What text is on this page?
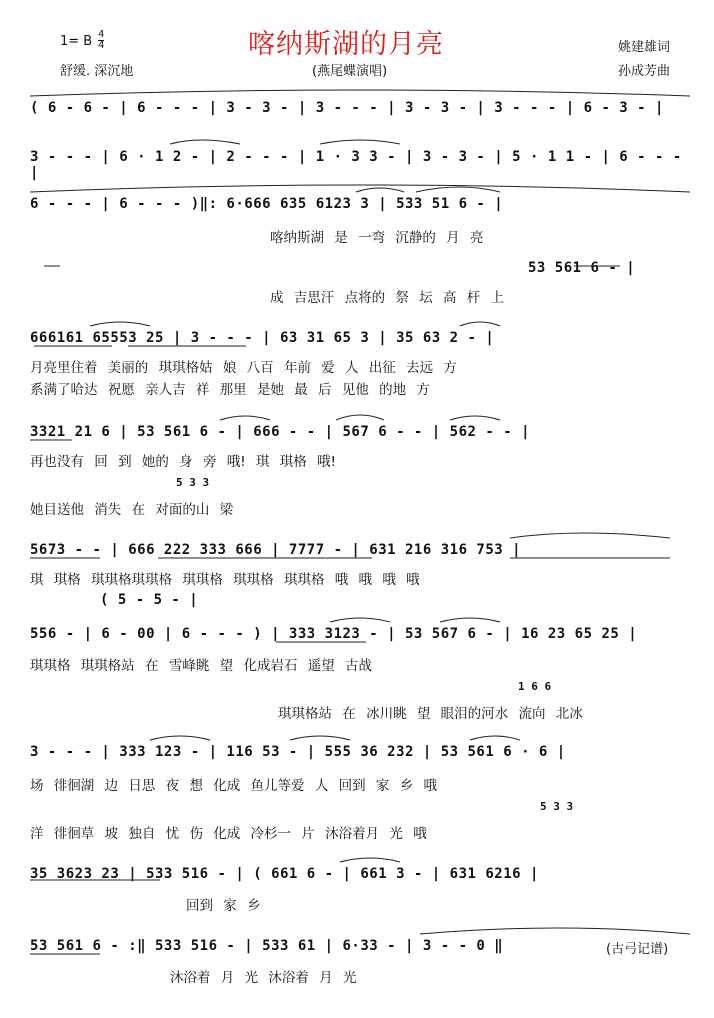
喀纳斯湖的月亮
1= B 4
4
舒缓. 深沉地	(燕尾蝶演唱)
姚建雄词
孙成芳曲
( 6 - 6 - | 6 - - - | 3 - 3 - | 3 - - - | 3 - 3 - | 3 - - - | 6 - 3 - |
3 - - - | 6 · 1 2 - | 2 - - - | 1 · 3 3 - | 3 - 3 - | 5 · 1 1 - | 6 - - - |
6 - - - | 6 - - - )‖: 6·666 635 6123 3 | 533 51 6 - |
喀纳斯湖 是 一弯 沉静的 月 亮
53 561 6 - |
成 吉思汗 点将的 祭 坛 高 杆 上
666161 65553 25 | 3 - - - | 63 31 65 3 | 35 63 2 - |
月亮里住着 美丽的 琪琪格姑 娘 八百 年前 爱 人 出征 去远 方
系满了哈达 祝愿 亲人吉 祥 那里 是她 最 后 见他 的地 方
3321 21 6 | 53 561 6 - | 666 - - | 567 6 - - | 562 - - |
再也没有 回 到 她的 身 旁 哦! 琪 琪格 哦!
5 3 3
她目送他 消失 在 对面的山 梁
5673 - - | 666 222 333 666 | 7777 - | 631 216 316 753 |
琪 琪格 琪琪格琪琪格 琪琪格 琪琪格 琪琪格 哦 哦 哦 哦
( 5 - 5 - |
556 - | 6 - 00 | 6 - - - ) | 333 3123 - | 53 567 6 - | 16 23 65 25 |
琪琪格 琪琪格站 在 雪峰眺 望 化成岩石 遥望 古战
1 6 6
琪琪格站 在 冰川眺 望 眼泪的河水 流向 北冰
3 - - - | 333 123 - | 116 53 - | 555 36 232 | 53 561 6 · 6 |
场 徘徊湖 边 日思 夜 想 化成 鱼儿等爱 人 回到 家 乡 哦
5 3 3
洋 徘徊草 坡 独自 忧 伤 化成 冷杉一 片 沐浴着月 光 哦
35 3623 23 | 533 516 - | ( 661 6 - | 661 3 - | 631 6216 |
回到 家 乡
53 561 6 - :‖ 533 516 - | 533 61 | 6·33 - | 3 - - 0 ‖	(古弓记谱)
沐浴着 月 光 沐浴着 月 光
